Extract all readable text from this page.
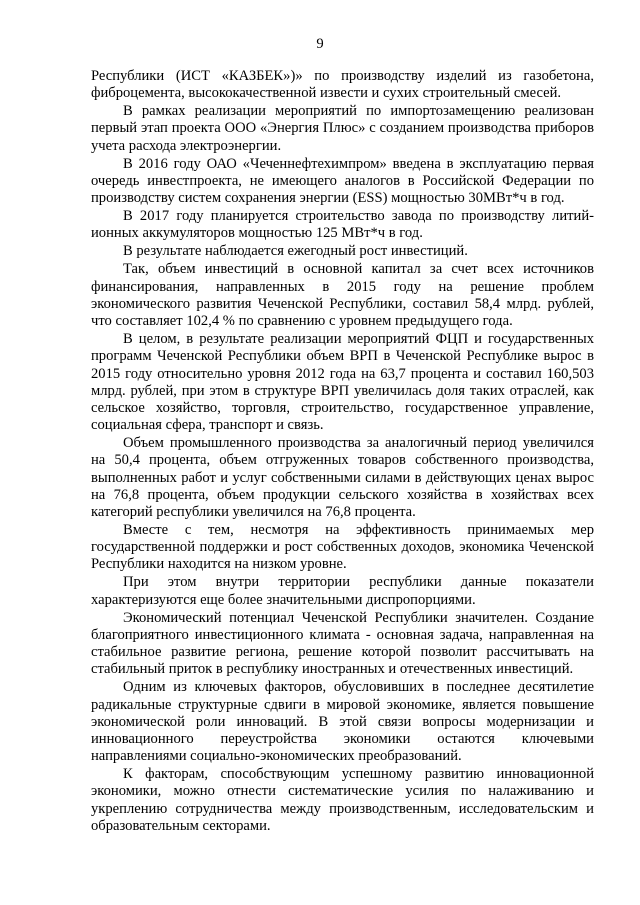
9

Республики (ИСТ «КАЗБЕК»)» по производству изделий из газобетона, фиброцемента, высококачественной извести и сухих строительный смесей.

В рамках реализации мероприятий по импортозамещению реализован первый этап проекта ООО «Энергия Плюс» с созданием производства приборов учета расхода электроэнергии.

В 2016 году ОАО «Чеченнефтехимпром» введена в эксплуатацию первая очередь инвестпроекта, не имеющего аналогов в Российской Федерации по производству систем сохранения энергии (ESS) мощностью 30МВт*ч в год.

В 2017 году планируется строительство завода по производству литий-ионных аккумуляторов мощностью 125 МВт*ч в год.

В результате наблюдается ежегодный рост инвестиций.

Так, объем инвестиций в основной капитал за счет всех источников финансирования, направленных в 2015 году на решение проблем экономического развития Чеченской Республики, составил 58,4 млрд. рублей, что составляет 102,4 % по сравнению с уровнем предыдущего года.

В целом, в результате реализации мероприятий ФЦП и государственных программ Чеченской Республики объем ВРП в Чеченской Республике вырос в 2015 году относительно уровня 2012 года на 63,7 процента и составил 160,503 млрд. рублей, при этом в структуре ВРП увеличилась доля таких отраслей, как сельское хозяйство, торговля, строительство, государственное управление, социальная сфера, транспорт и связь.

Объем промышленного производства за аналогичный период увеличился на 50,4 процента, объем отгруженных товаров собственного производства, выполненных работ и услуг собственными силами в действующих ценах вырос на 76,8 процента, объем продукции сельского хозяйства в хозяйствах всех категорий республики увеличился на 76,8 процента.

Вместе с тем, несмотря на эффективность принимаемых мер государственной поддержки и рост собственных доходов, экономика Чеченской Республики находится на низком уровне.

При этом внутри территории республики данные показатели характеризуются еще более значительными диспропорциями.

Экономический потенциал Чеченской Республики значителен. Создание благоприятного инвестиционного климата - основная задача, направленная на стабильное развитие региона, решение которой позволит рассчитывать на стабильный приток в республику иностранных и отечественных инвестиций.

Одним из ключевых факторов, обусловивших в последнее десятилетие радикальные структурные сдвиги в мировой экономике, является повышение экономической роли инноваций. В этой связи вопросы модернизации и инновационного переустройства экономики остаются ключевыми направлениями социально-экономических преобразований.

К факторам, способствующим успешному развитию инновационной экономики, можно отнести систематические усилия по налаживанию и укреплению сотрудничества между производственным, исследовательским и образовательным секторами.
